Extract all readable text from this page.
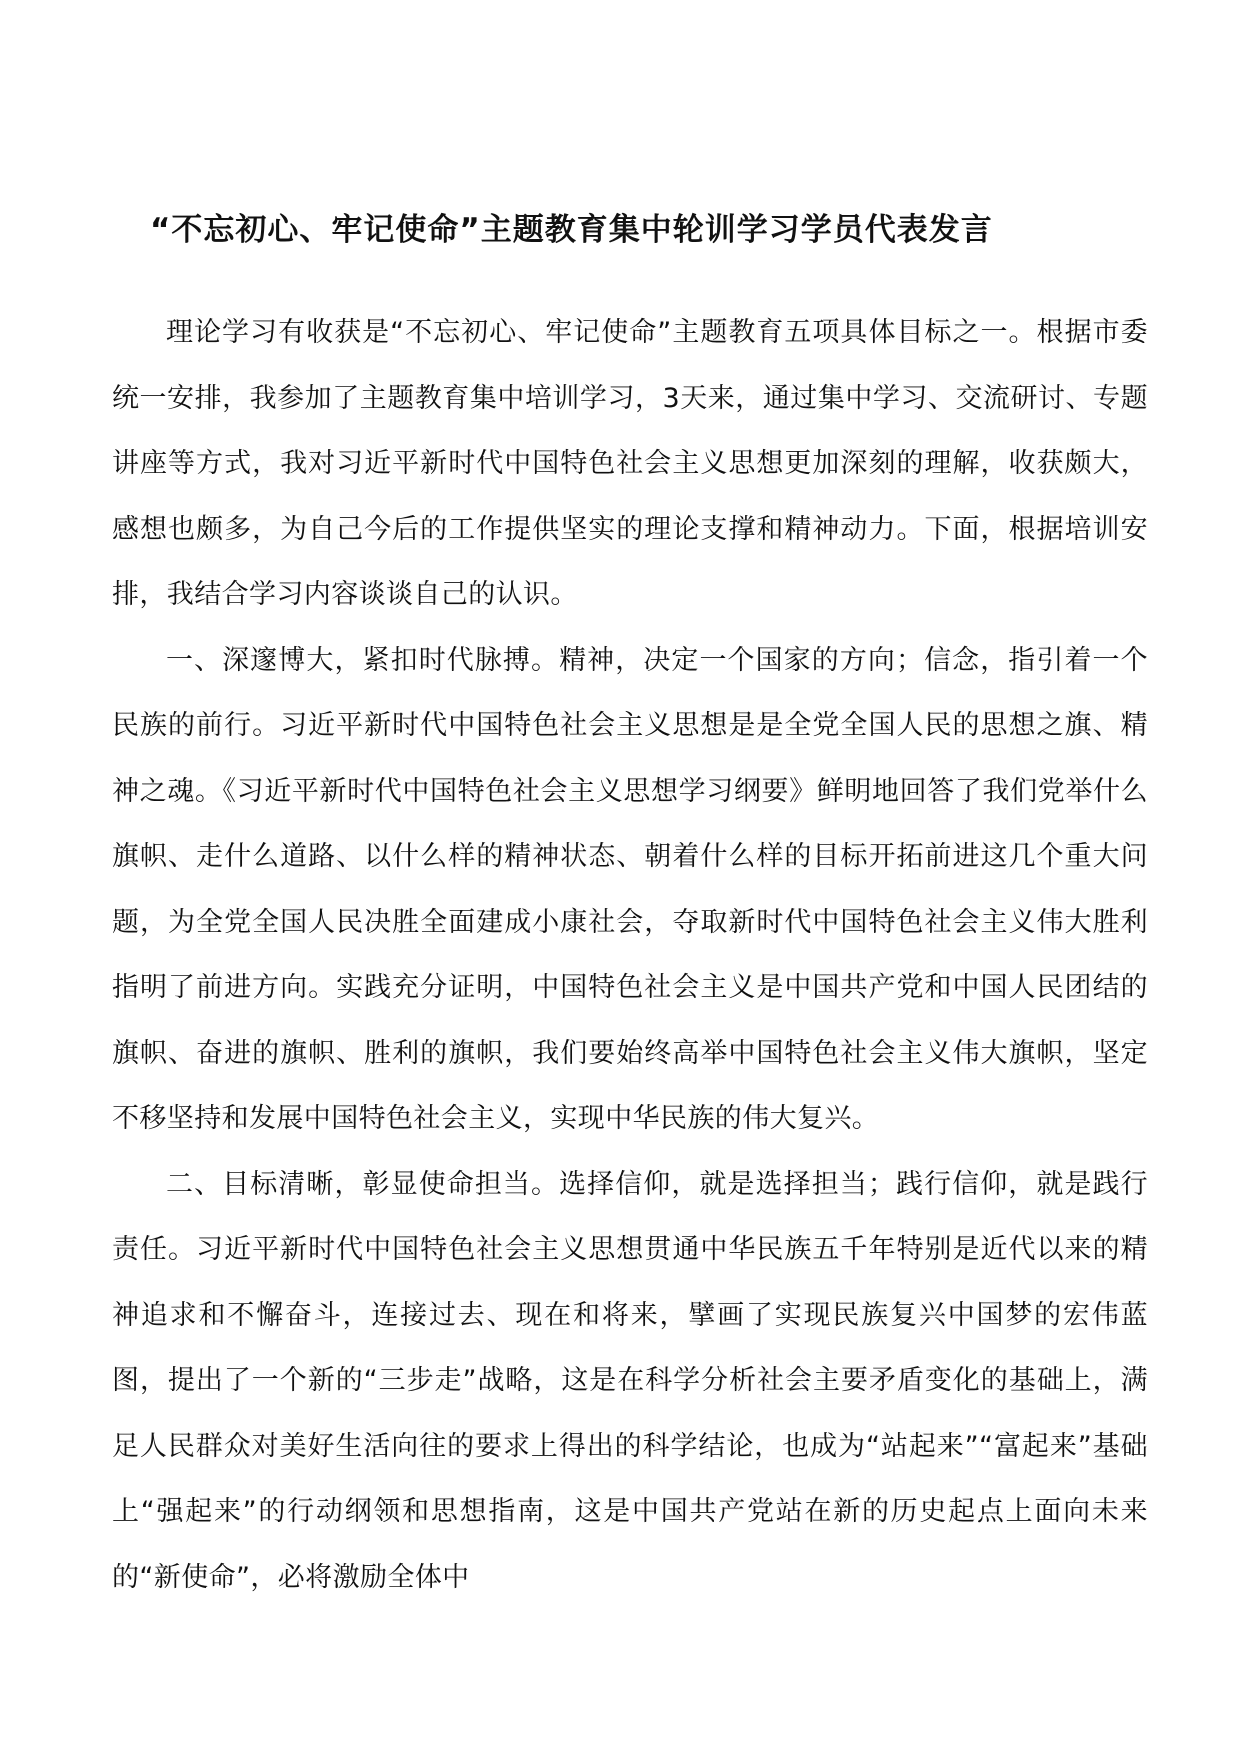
“不忘初心、牢记使命”主题教育集中轮训学习学员代表发言

理论学习有收获是“不忘初心、牢记使命”主题教育五项具体目标之一。根据市委统一安排，我参加了主题教育集中培训学习，3天来，通过集中学习、交流研讨、专题讲座等方式，我对习近平新时代中国特色社会主义思想更加深刻的理解，收获颇大，感想也颇多，为自己今后的工作提供坚实的理论支撑和精神动力。下面，根据培训安排，我结合学习内容谈谈自己的认识。

一、深邃博大，紧扣时代脉搏。精神，决定一个国家的方向；信念，指引着一个民族的前行。习近平新时代中国特色社会主义思想是是全党全国人民的思想之旗、精神之魂。《习近平新时代中国特色社会主义思想学习纲要》鲜明地回答了我们党举什么旗帜、走什么道路、以什么样的精神状态、朝着什么样的目标开拓前进这几个重大问题，为全党全国人民决胜全面建成小康社会，夺取新时代中国特色社会主义伟大胜利指明了前进方向。实践充分证明，中国特色社会主义是中国共产党和中国人民团结的旗帜、奋进的旗帜、胜利的旗帜，我们要始终高举中国特色社会主义伟大旗帜，坚定不移坚持和发展中国特色社会主义，实现中华民族的伟大复兴。

二、目标清晰，彰显使命担当。选择信仰，就是选择担当；践行信仰，就是践行责任。习近平新时代中国特色社会主义思想贯通中华民族五千年特别是近代以来的精神追求和不懈奋斗，连接过去、现在和将来，擘画了实现民族复兴中国梦的宏伟蓝图，提出了一个新的“三步走”战略，这是在科学分析社会主要矛盾变化的基础上，满足人民群众对美好生活向往的要求上得出的科学结论，也成为“站起来”“富起来”基础上“强起来”的行动纲领和思想指南，这是中国共产党站在新的历史起点上面向未来的“新使命”，必将激励全体中
